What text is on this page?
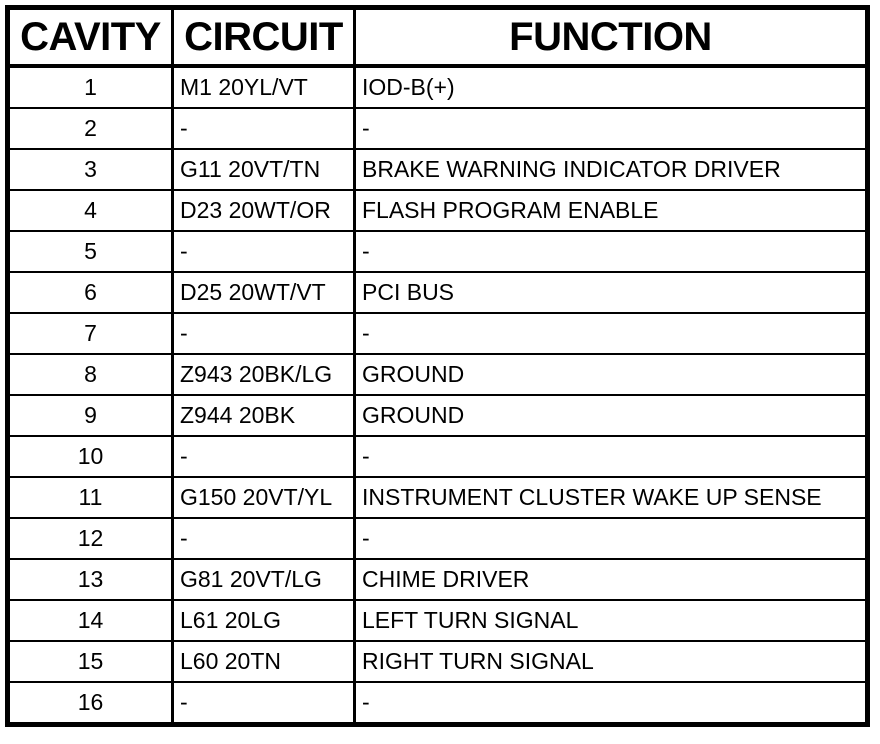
CAVITY	CIRCUIT	FUNCTION
1	M1 20YL/VT	IOD-B(+)
2	-	-
3	G11 20VT/TN	BRAKE WARNING INDICATOR DRIVER
4	D23 20WT/OR	FLASH PROGRAM ENABLE
5	-	-
6	D25 20WT/VT	PCI BUS
7	-	-
8	Z943 20BK/LG	GROUND
9	Z944 20BK	GROUND
10	-	-
11	G150 20VT/YL	INSTRUMENT CLUSTER WAKE UP SENSE
12	-	-
13	G81 20VT/LG	CHIME DRIVER
14	L61 20LG	LEFT TURN SIGNAL
15	L60 20TN	RIGHT TURN SIGNAL
16	-	-
